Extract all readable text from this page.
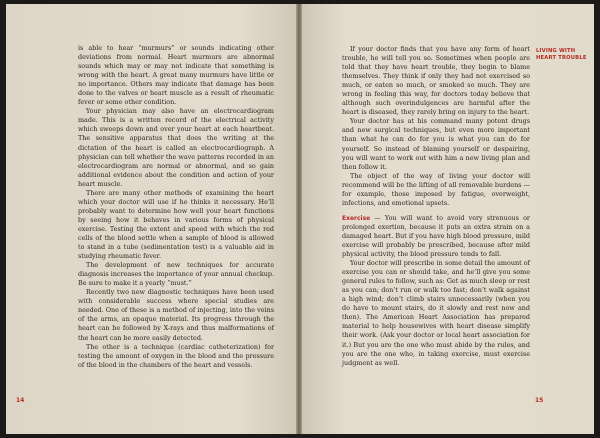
is able to hear “murmurs” or sounds indicating other deviations from normal. Heart murmurs are abnormal sounds which may or may not indicate that something is wrong with the heart. A great many murmurs have little or no importance. Others may indicate that damage has been done to the valves or heart muscle as a result of rheumatic fever or some other condition.

Your physician may also have an electrocardiogram made. This is a written record of the electrical activity which sweeps down and over your heart at each heartbeat. The sensitive apparatus that does the writing at the dictation of the heart is called an electrocardiograph. A physician can tell whether the wave patterns recorded in an electrocardiogram are normal or abnormal, and so gain additional evidence about the condition and action of your heart muscle.

There are many other methods of examining the heart which your doctor will use if he thinks it necessary. He’ll probably want to determine how well your heart functions by seeing how it behaves in various forms of physical exercise. Testing the extent and speed with which the red cells of the blood settle when a sample of blood is allowed to stand in a tube (sedimentation test) is a valuable aid in studying rheumatic fever.

The development of new techniques for accurate diagnosis increases the importance of your annual checkup. Be sure to make it a yearly “must.”

Recently two new diagnostic techniques have been used with considerable success where special studies are needed. One of these is a method of injecting, into the veins of the arms, an opaque material. Its progress through the heart can be followed by X-rays and thus malformations of the heart can be more easily detected.

The other is a technique (cardiac catheterization) for testing the amount of oxygen in the blood and the pressure of the blood in the chambers of the heart and vessels.

14

If your doctor finds that you have any form of heart trouble, he will tell you so. Sometimes when people are told that they have heart trouble, they begin to blame themselves. They think if only they had not exercised so much, or eaten so much, or smoked so much. They are wrong in feeling this way, for doctors today believe that although such overindulgences are harmful after the heart is diseased, they rarely bring on injury to the heart.

Your doctor has at his command many potent drugs and new surgical techniques, but even more important than what he can do for you is what you can do for yourself. So instead of blaming yourself or despairing, you will want to work out with him a new living plan and then follow it.

The object of the way of living your doctor will recommend will be the lifting of all removable burdens — for example, those imposed by fatigue, overweight, infections, and emotional upsets.

Exercise — You will want to avoid very strenuous or prolonged exertion, because it puts an extra strain on a damaged heart. But if you have high blood pressure, mild exercise will probably be prescribed, because after mild physical activity, the blood pressure tends to fall.

Your doctor will prescribe in some detail the amount of exercise you can or should take, and he’ll give you some general rules to follow, such as: Get as much sleep or rest as you can; don’t run or walk too fast; don’t walk against a high wind; don’t climb stairs unnecessarily (when you do have to mount stairs, do it slowly and rest now and then). The American Heart Association has prepared material to help housewives with heart disease simplify their work. (Ask your doctor or local heart association for it.) But you are the one who must abide by the rules, and you are the one who, in taking exercise, must exercise judgment as well.

LIVING WITH
HEART TROUBLE
15
